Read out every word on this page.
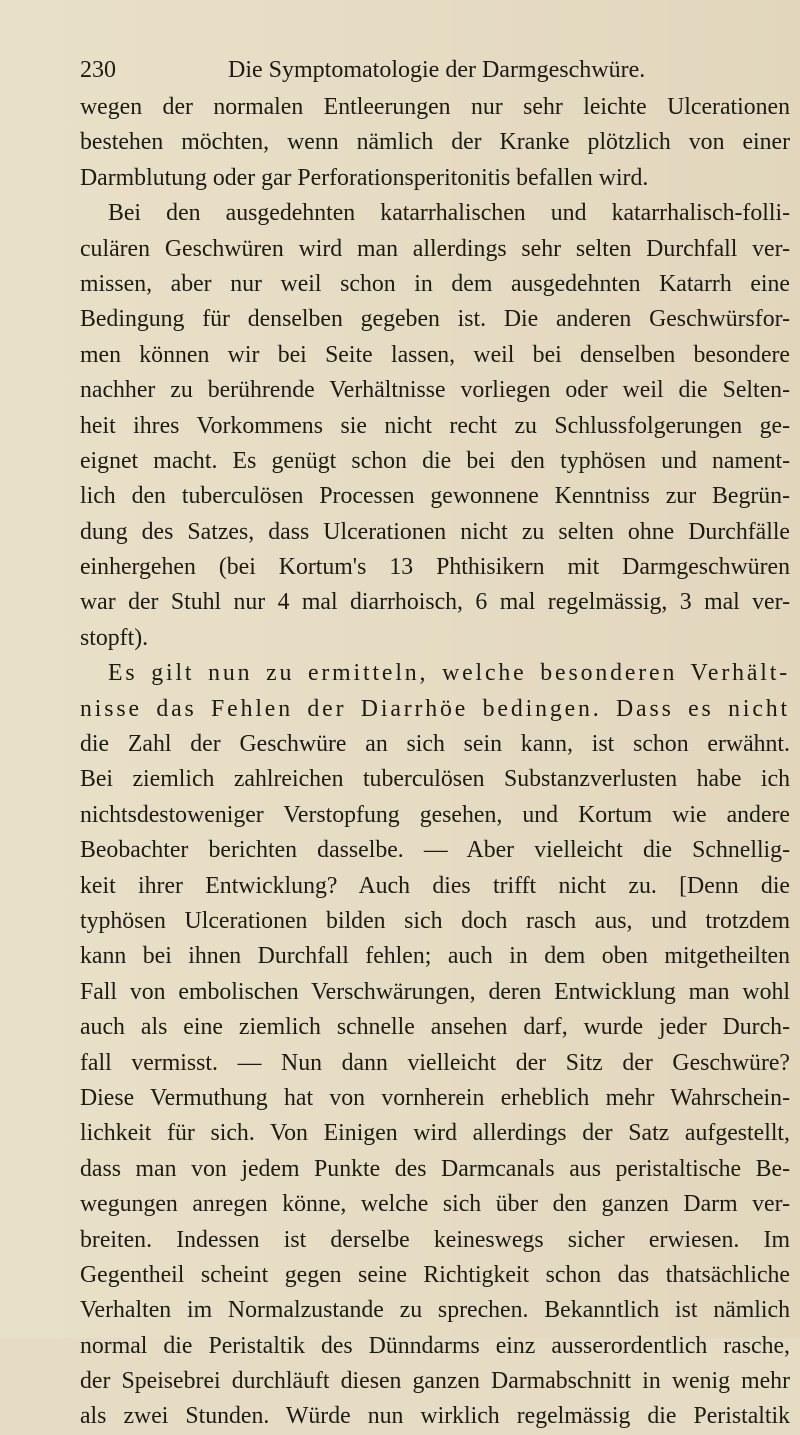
230	Die Symptomatologie der Darmgeschwüre.
wegen der normalen Entleerungen nur sehr leichte Ulcerationen
bestehen möchten, wenn nämlich der Kranke plötzlich von einer
Darmblutung oder gar Perforationsperitonitis befallen wird.
Bei den ausgedehnten katarrhalischen und katarrhalisch-folli-
culären Geschwüren wird man allerdings sehr selten Durchfall ver-
missen, aber nur weil schon in dem ausgedehnten Katarrh eine
Bedingung für denselben gegeben ist. Die anderen Geschwürsfor-
men können wir bei Seite lassen, weil bei denselben besondere
nachher zu berührende Verhältnisse vorliegen oder weil die Selten-
heit ihres Vorkommens sie nicht recht zu Schlussfolgerungen ge-
eignet macht. Es genügt schon die bei den typhösen und nament-
lich den tuberculösen Processen gewonnene Kenntniss zur Begrün-
dung des Satzes, dass Ulcerationen nicht zu selten ohne Durchfälle
einhergehen (bei Kortum's 13 Phthisikern mit Darmgeschwüren
war der Stuhl nur 4 mal diarrhoisch, 6 mal regelmässig, 3 mal ver-
stopft).
Es gilt nun zu ermitteln, welche besonderen Verhält-
nisse das Fehlen der Diarrhöe bedingen. Dass es nicht
die Zahl der Geschwüre an sich sein kann, ist schon erwähnt.
Bei ziemlich zahlreichen tuberculösen Substanzverlusten habe ich
nichtsdestoweniger Verstopfung gesehen, und Kortum wie andere
Beobachter berichten dasselbe. — Aber vielleicht die Schnellig-
keit ihrer Entwicklung? Auch dies trifft nicht zu. [Denn die
typhösen Ulcerationen bilden sich doch rasch aus, und trotzdem
kann bei ihnen Durchfall fehlen; auch in dem oben mitgetheilten
Fall von embolischen Verschwärungen, deren Entwicklung man wohl
auch als eine ziemlich schnelle ansehen darf, wurde jeder Durch-
fall vermisst. — Nun dann vielleicht der Sitz der Geschwüre?
Diese Vermuthung hat von vornherein erheblich mehr Wahrschein-
lichkeit für sich. Von Einigen wird allerdings der Satz aufgestellt,
dass man von jedem Punkte des Darmcanals aus peristaltische Be-
wegungen anregen könne, welche sich über den ganzen Darm ver-
breiten. Indessen ist derselbe keineswegs sicher erwiesen. Im
Gegentheil scheint gegen seine Richtigkeit schon das thatsächliche
Verhalten im Normalzustande zu sprechen. Bekanntlich ist nämlich
normal die Peristaltik des Dünndarms einz ausserordentlich rasche,
der Speisebrei durchläuft diesen ganzen Darmabschnitt in wenig mehr
als zwei Stunden. Würde nun wirklich regelmässig die Peristaltik
